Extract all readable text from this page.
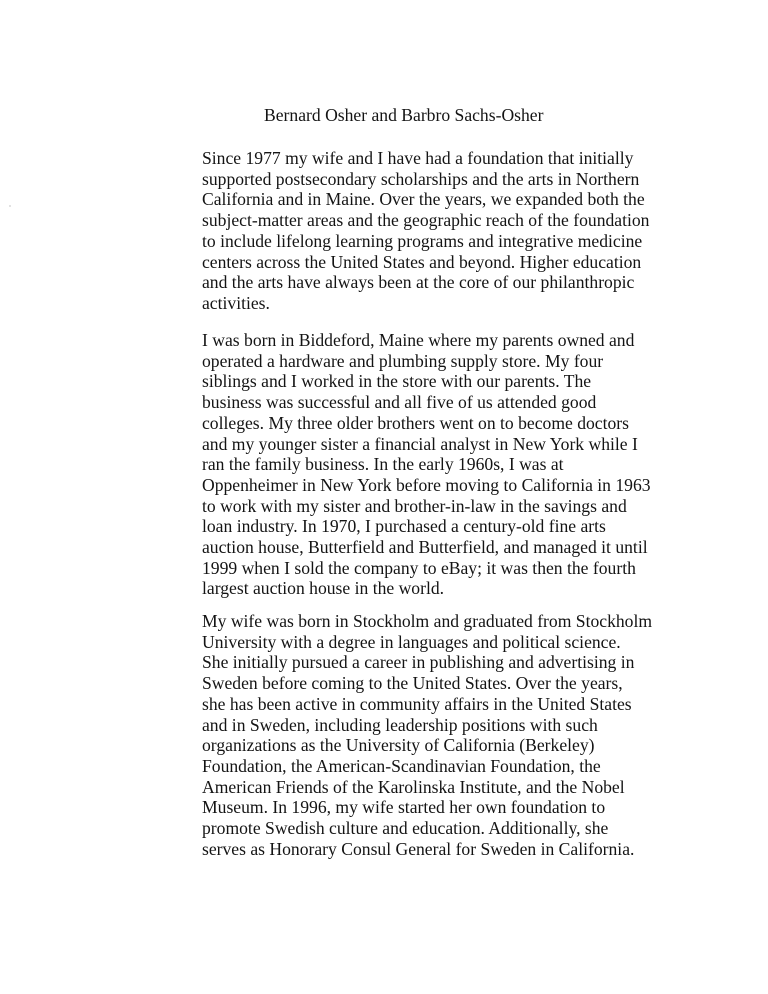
Bernard Osher and Barbro Sachs-Osher

Since 1977 my wife and I have had a foundation that initially
supported postsecondary scholarships and the arts in Northern
California and in Maine. Over the years, we expanded both the
subject-matter areas and the geographic reach of the foundation
to include lifelong learning programs and integrative medicine
centers across the United States and beyond. Higher education
and the arts have always been at the core of our philanthropic
activities.

I was born in Biddeford, Maine where my parents owned and
operated a hardware and plumbing supply store. My four
siblings and I worked in the store with our parents. The
business was successful and all five of us attended good
colleges. My three older brothers went on to become doctors
and my younger sister a financial analyst in New York while I
ran the family business. In the early 1960s, I was at
Oppenheimer in New York before moving to California in 1963
to work with my sister and brother-in-law in the savings and
loan industry. In 1970, I purchased a century-old fine arts
auction house, Butterfield and Butterfield, and managed it until
1999 when I sold the company to eBay; it was then the fourth
largest auction house in the world.

My wife was born in Stockholm and graduated from Stockholm
University with a degree in languages and political science.
She initially pursued a career in publishing and advertising in
Sweden before coming to the United States. Over the years,
she has been active in community affairs in the United States
and in Sweden, including leadership positions with such
organizations as the University of California (Berkeley)
Foundation, the American-Scandinavian Foundation, the
American Friends of the Karolinska Institute, and the Nobel
Museum. In 1996, my wife started her own foundation to
promote Swedish culture and education. Additionally, she
serves as Honorary Consul General for Sweden in California.
